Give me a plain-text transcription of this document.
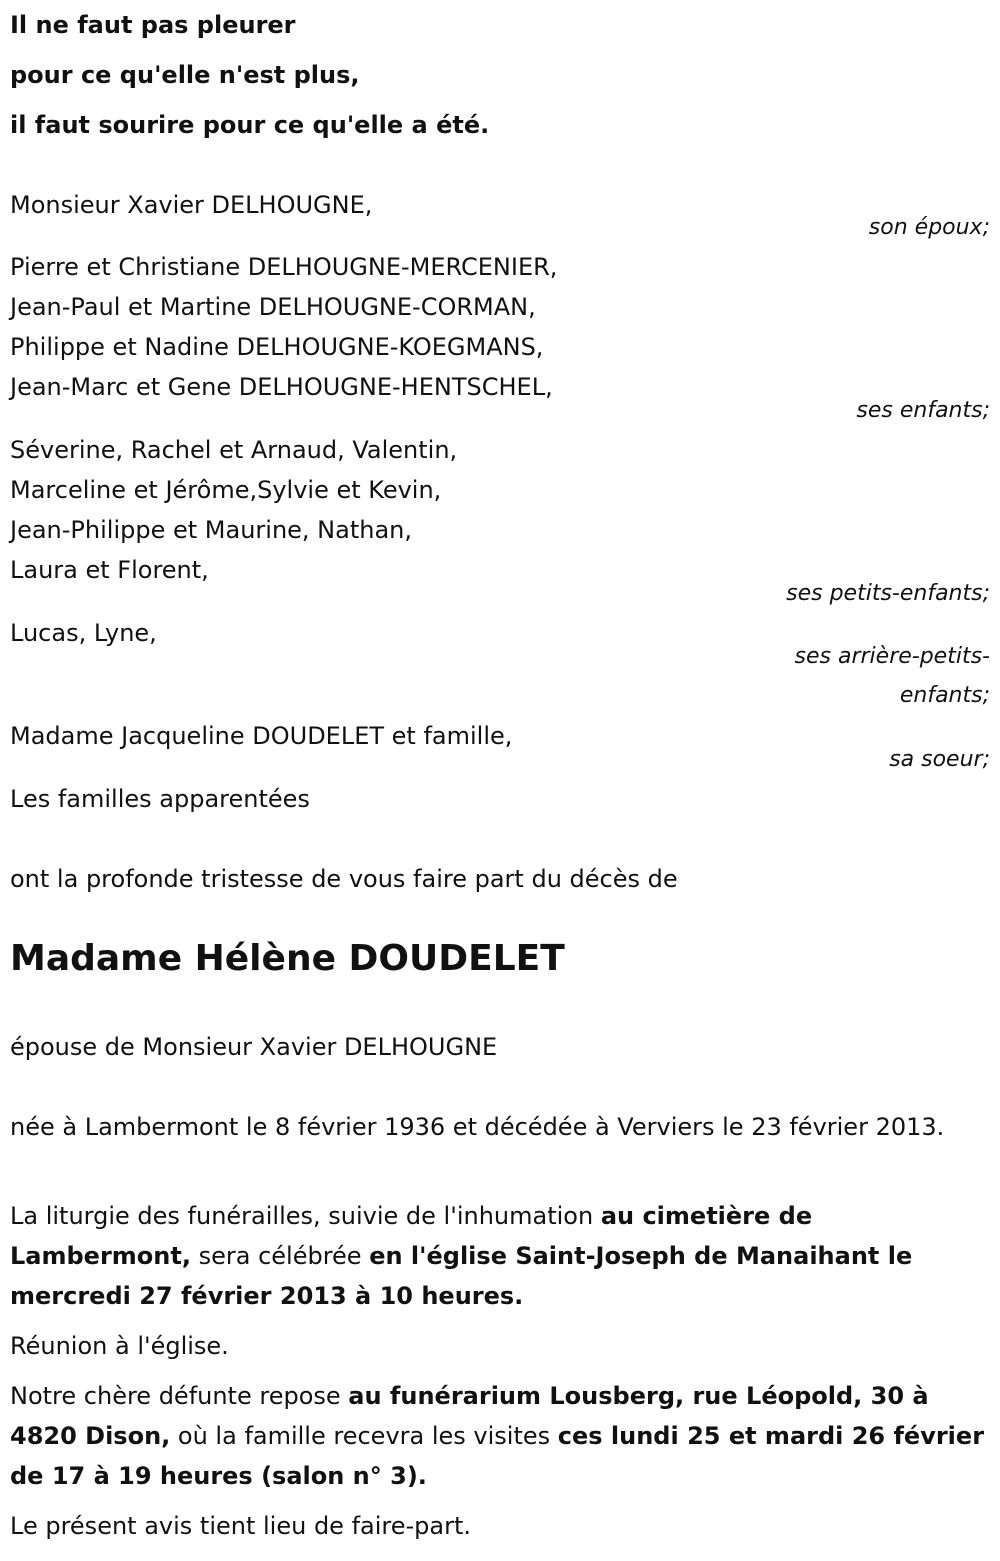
Il ne faut pas pleurer

pour ce qu'elle n'est plus,

il faut sourire pour ce qu'elle a été.

Monsieur Xavier DELHOUGNE,

son époux;

Pierre et Christiane DELHOUGNE-MERCENIER,

Jean-Paul et Martine DELHOUGNE-CORMAN,

Philippe et Nadine DELHOUGNE-KOEGMANS,

Jean-Marc et Gene DELHOUGNE-HENTSCHEL,

ses enfants;

Séverine, Rachel et Arnaud, Valentin,

Marceline et Jérôme,Sylvie et Kevin,

Jean-Philippe et Maurine, Nathan,

Laura et Florent,

ses petits-enfants;

Lucas, Lyne,

ses arrière-petits-

enfants;

Madame Jacqueline DOUDELET et famille,

sa soeur;

Les familles apparentées

ont la profonde tristesse de vous faire part du décès de

Madame Hélène DOUDELET

épouse de Monsieur Xavier DELHOUGNE

née à Lambermont le 8 février 1936 et décédée à Verviers le 23 février 2013.

La liturgie des funérailles, suivie de l'inhumation au cimetière de Lambermont, sera célébrée en l'église Saint-Joseph de Manaihant le mercredi 27 février 2013 à 10 heures.

Réunion à l'église.

Notre chère défunte repose au funérarium Lousberg, rue Léopold, 30 à 4820 Dison, où la famille recevra les visites ces lundi 25 et mardi 26 février de 17 à 19 heures (salon n° 3).

Le présent avis tient lieu de faire-part.
